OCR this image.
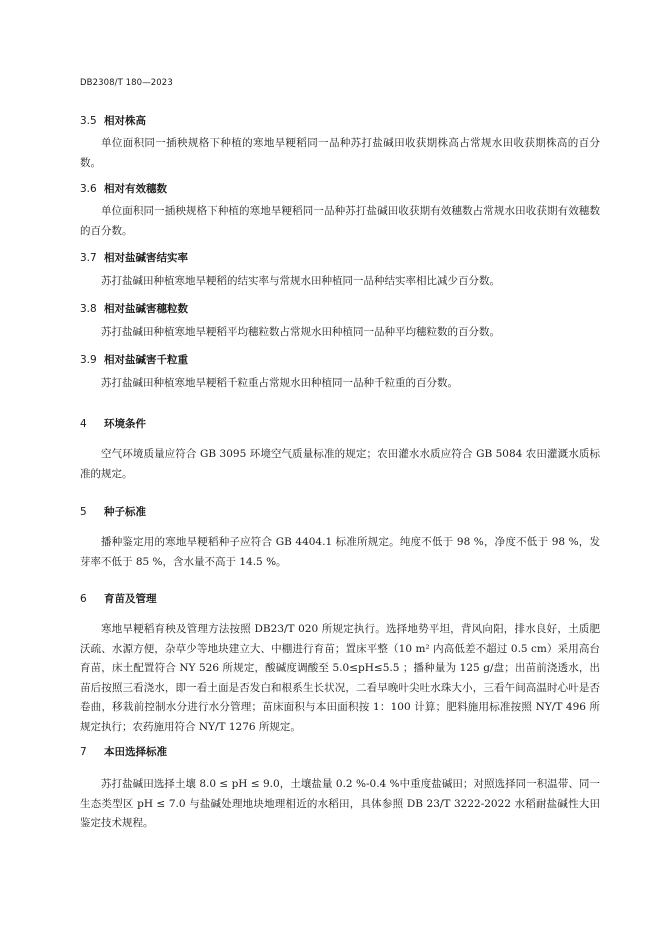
DB2308/T 180—2023
3.5 相对株高
单位面积同一插秧规格下种植的寒地旱粳稻同一品种苏打盐碱田收获期株高占常规水田收获期株高的百分数。
3.6 相对有效穗数
单位面积同一插秧规格下种植的寒地旱粳稻同一品种苏打盐碱田收获期有效穗数占常规水田收获期有效穗数的百分数。
3.7 相对盐碱害结实率
苏打盐碱田种植寒地旱粳稻的结实率与常规水田种植同一品种结实率相比减少百分数。
3.8 相对盐碱害穗粒数
苏打盐碱田种植寒地旱粳稻平均穗粒数占常规水田种植同一品种平均穗粒数的百分数。
3.9 相对盐碱害千粒重
苏打盐碱田种植寒地旱粳稻千粒重占常规水田种植同一品种千粒重的百分数。
4 环境条件
空气环境质量应符合 GB 3095 环境空气质量标准的规定；农田灌水水质应符合 GB 5084 农田灌溉水质标准的规定。
5 种子标准
播种鉴定用的寒地旱粳稻种子应符合 GB 4404.1 标准所规定。纯度不低于 98 %，净度不低于 98 %，发芽率不低于 85 %，含水量不高于 14.5 %。
6 育苗及管理
寒地旱粳稻育秧及管理方法按照 DB23/T 020 所规定执行。选择地势平坦，背风向阳，排水良好，土质肥沃疏、水源方便，杂草少等地块建立大、中棚进行育苗；置床平整（10 m² 内高低差不超过 0.5 cm）采用高台育苗，床土配置符合 NY 526 所规定，酸碱度调酸至 5.0≤pH≤5.5 ；播种量为 125 g/盘；出苗前浇透水，出苗后按照三看浇水，即一看土面是否发白和根系生长状况，二看早晚叶尖吐水珠大小，三看午间高温时心叶是否卷曲，移栽前控制水分进行水分管理；苗床面积与本田面积按 1：100 计算；肥料施用标准按照 NY/T 496 所规定执行；农药施用符合 NY/T 1276 所规定。
7 本田选择标准
苏打盐碱田选择土壤 8.0 ≤ pH ≤ 9.0，土壤盐量 0.2 %-0.4 %中重度盐碱田；对照选择同一积温带、同一生态类型区 pH ≤ 7.0 与盐碱处理地块地理相近的水稻田，具体参照 DB 23/T 3222-2022 水稻耐盐碱性大田鉴定技术规程。
